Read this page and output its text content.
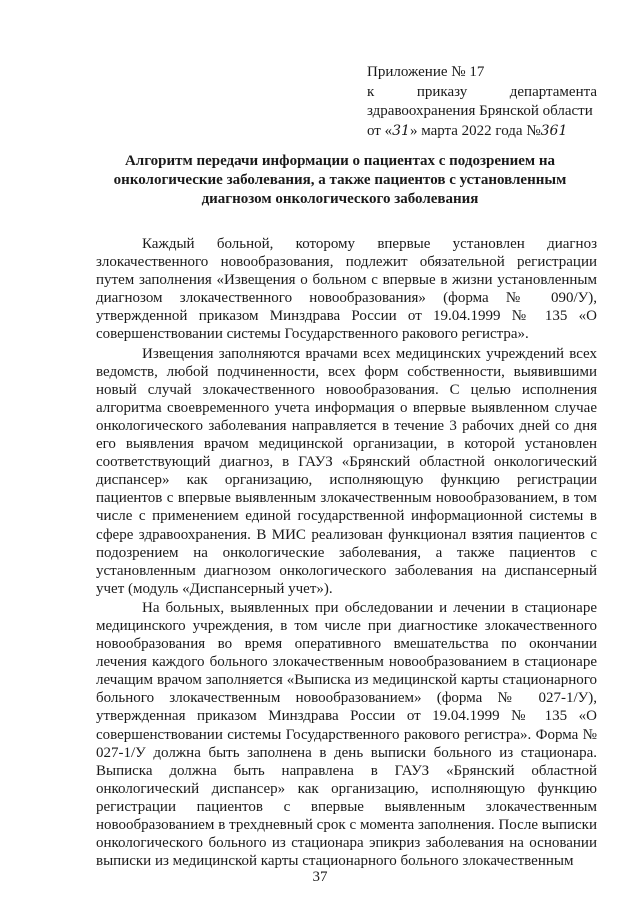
Приложение № 17
к	приказу	департамента
здравоохранения Брянской области
от «31» марта 2022 года №361
Алгоритм передачи информации о пациентах с подозрением на онкологические заболевания, а также пациентов с установленным диагнозом онкологического заболевания

Каждый больной, которому впервые установлен диагноз злокачественного новообразования, подлежит обязательной регистрации путем заполнения «Извещения о больном с впервые в жизни установленным диагнозом злокачественного новообразования» (форма № 090/У), утвержденной приказом Минздрава России от 19.04.1999 № 135 «О совершенствовании системы Государственного ракового регистра».

Извещения заполняются врачами всех медицинских учреждений всех ведомств, любой подчиненности, всех форм собственности, выявившими новый случай злокачественного новообразования. С целью исполнения алгоритма своевременного учета информация о впервые выявленном случае онкологического заболевания направляется в течение 3 рабочих дней со дня его выявления врачом медицинской организации, в которой установлен соответствующий диагноз, в ГАУЗ «Брянский областной онкологический диспансер» как организацию, исполняющую функцию регистрации пациентов с впервые выявленным злокачественным новообразованием, в том числе с применением единой государственной информационной системы в сфере здравоохранения. В МИС реализован функционал взятия пациентов с подозрением на онкологические заболевания, а также пациентов с установленным диагнозом онкологического заболевания на диспансерный учет (модуль «Диспансерный учет»).

На больных, выявленных при обследовании и лечении в стационаре медицинского учреждения, в том числе при диагностике злокачественного новообразования во время оперативного вмешательства по окончании лечения каждого больного злокачественным новообразованием в стационаре лечащим врачом заполняется «Выписка из медицинской карты стационарного больного злокачественным новообразованием» (форма № 027-1/У), утвержденная приказом Минздрава России от 19.04.1999 № 135 «О совершенствовании системы Государственного ракового регистра». Форма № 027-1/У должна быть заполнена в день выписки больного из стационара. Выписка должна быть направлена в ГАУЗ «Брянский областной онкологический диспансер» как организацию, исполняющую функцию регистрации пациентов с впервые выявленным злокачественным новообразованием в трехдневный срок с момента заполнения. После выписки онкологического больного из стационара эпикриз заболевания на основании выписки из медицинской карты стационарного больного злокачественным

37
